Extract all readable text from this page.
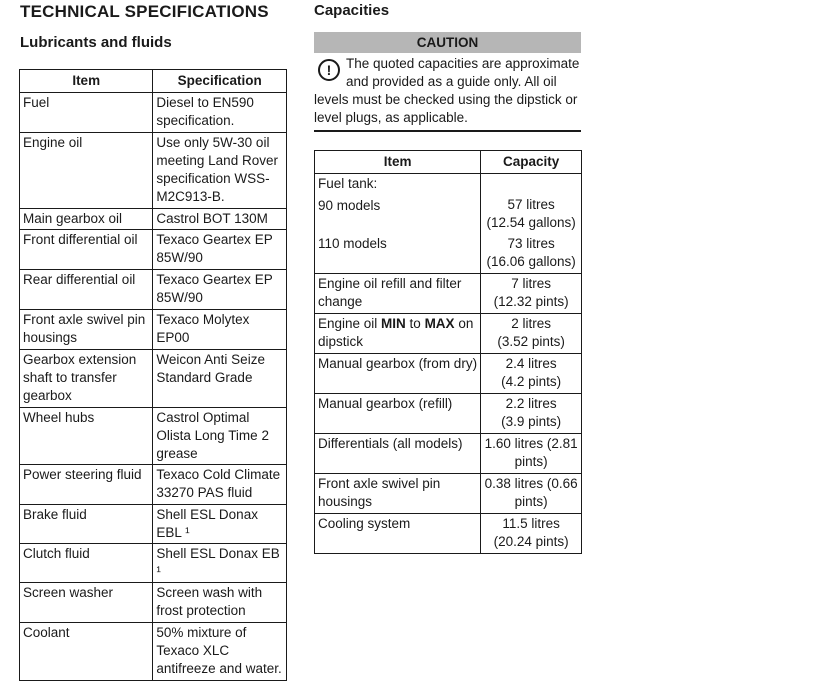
TECHNICAL SPECIFICATIONS
Lubricants and fluids
Capacities
Item	Specification
Fuel	Diesel to EN590 specification.
Engine oil	Use only 5W-30 oil meeting Land Rover specification WSS-M2C913-B.
Main gearbox oil	Castrol BOT 130M
Front differential oil	Texaco Geartex EP 85W/90
Rear differential oil	Texaco Geartex EP 85W/90
Front axle swivel pin housings	Texaco Molytex EP00
Gearbox extension shaft to transfer gearbox	Weicon Anti Seize Standard Grade
Wheel hubs	Castrol Optimal Olista Long Time 2 grease
Power steering fluid	Texaco Cold Climate 33270 PAS fluid
Brake fluid	Shell ESL Donax EBL ¹
Clutch fluid	Shell ESL Donax EB ¹
Screen washer	Screen wash with frost protection
Coolant	50% mixture of Texaco XLC antifreeze and water.
CAUTION
!	The quoted capacities are approximate and provided as a guide only. All oil levels must be checked using the dipstick or level plugs, as applicable.
Item	Capacity

Fuel tank:
90 models	57 litres
(12.54 gallons)

110 models	73 litres
(16.06 gallons)

Engine oil refill and filter change	7 litres
(12.32 pints)

Engine oil MIN to MAX on dipstick	2 litres
(3.52 pints)

Manual gearbox (from dry)	2.4 litres
(4.2 pints)

Manual gearbox (refill)	2.2 litres
(3.9 pints)

Differentials (all models)	1.60 litres (2.81
pints)

Front axle swivel pin housings	0.38 litres (0.66
pints)

Cooling system	11.5 litres
(20.24 pints)
